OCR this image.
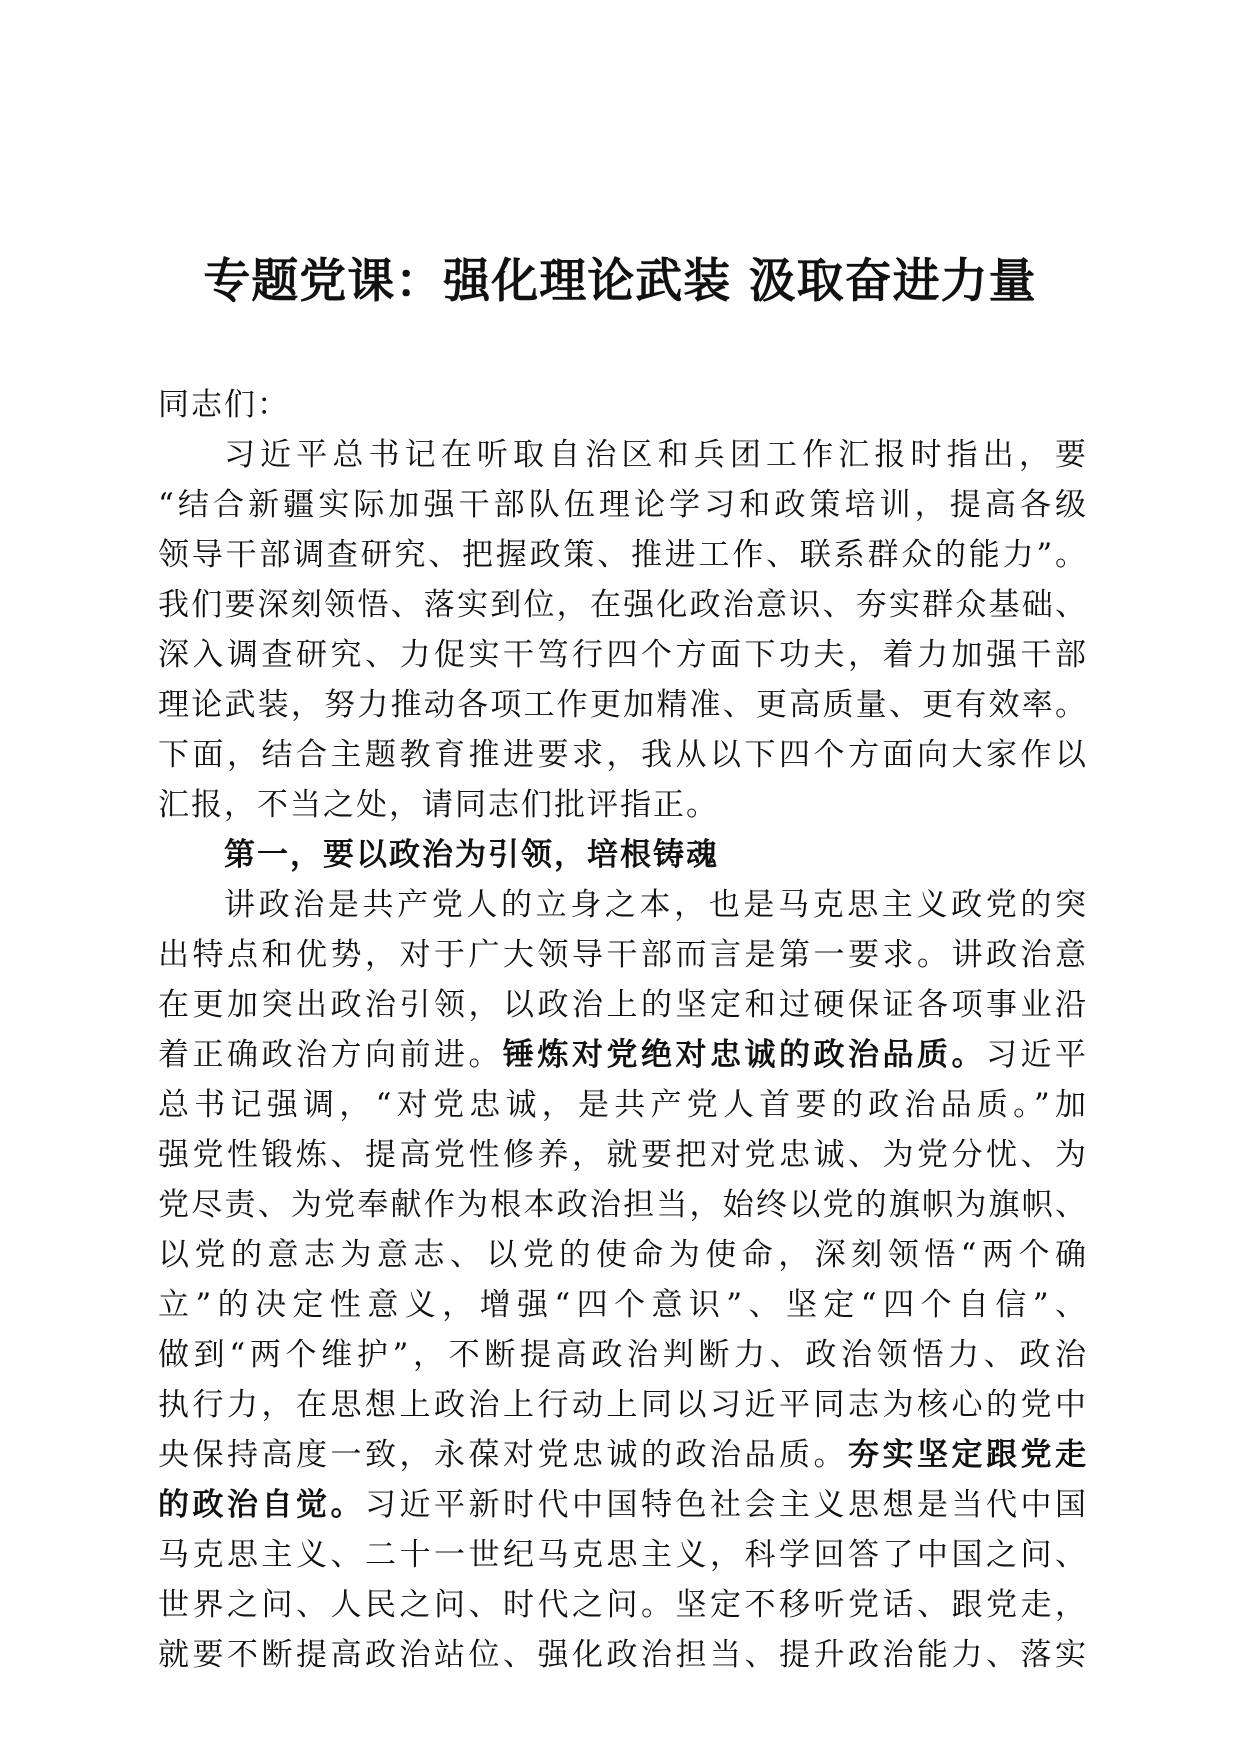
专题党课：强化理论武装 汲取奋进力量

同志们：

习近平总书记在听取自治区和兵团工作汇报时指出，要

“结合新疆实际加强干部队伍理论学习和政策培训，提高各级

领导干部调查研究、把握政策、推进工作、联系群众的能力”。

我们要深刻领悟、落实到位，在强化政治意识、夯实群众基础、

深入调查研究、力促实干笃行四个方面下功夫，着力加强干部

理论武装，努力推动各项工作更加精准、更高质量、更有效率。

下面，结合主题教育推进要求，我从以下四个方面向大家作以

汇报，不当之处，请同志们批评指正。

第一，要以政治为引领，培根铸魂

讲政治是共产党人的立身之本，也是马克思主义政党的突

出特点和优势，对于广大领导干部而言是第一要求。讲政治意

在更加突出政治引领，以政治上的坚定和过硬保证各项事业沿

着正确政治方向前进。锤炼对党绝对忠诚的政治品质。习近平

总书记强调，“对党忠诚，是共产党人首要的政治品质。”加

强党性锻炼、提高党性修养，就要把对党忠诚、为党分忧、为

党尽责、为党奉献作为根本政治担当，始终以党的旗帜为旗帜、

以党的意志为意志、以党的使命为使命，深刻领悟“两个确

立”的决定性意义，增强“四个意识”、坚定“四个自信”、

做到“两个维护”，不断提高政治判断力、政治领悟力、政治

执行力，在思想上政治上行动上同以习近平同志为核心的党中

央保持高度一致，永葆对党忠诚的政治品质。夯实坚定跟党走

的政治自觉。习近平新时代中国特色社会主义思想是当代中国

马克思主义、二十一世纪马克思主义，科学回答了中国之问、

世界之问、人民之问、时代之问。坚定不移听党话、跟党走，

就要不断提高政治站位、强化政治担当、提升政治能力、落实
